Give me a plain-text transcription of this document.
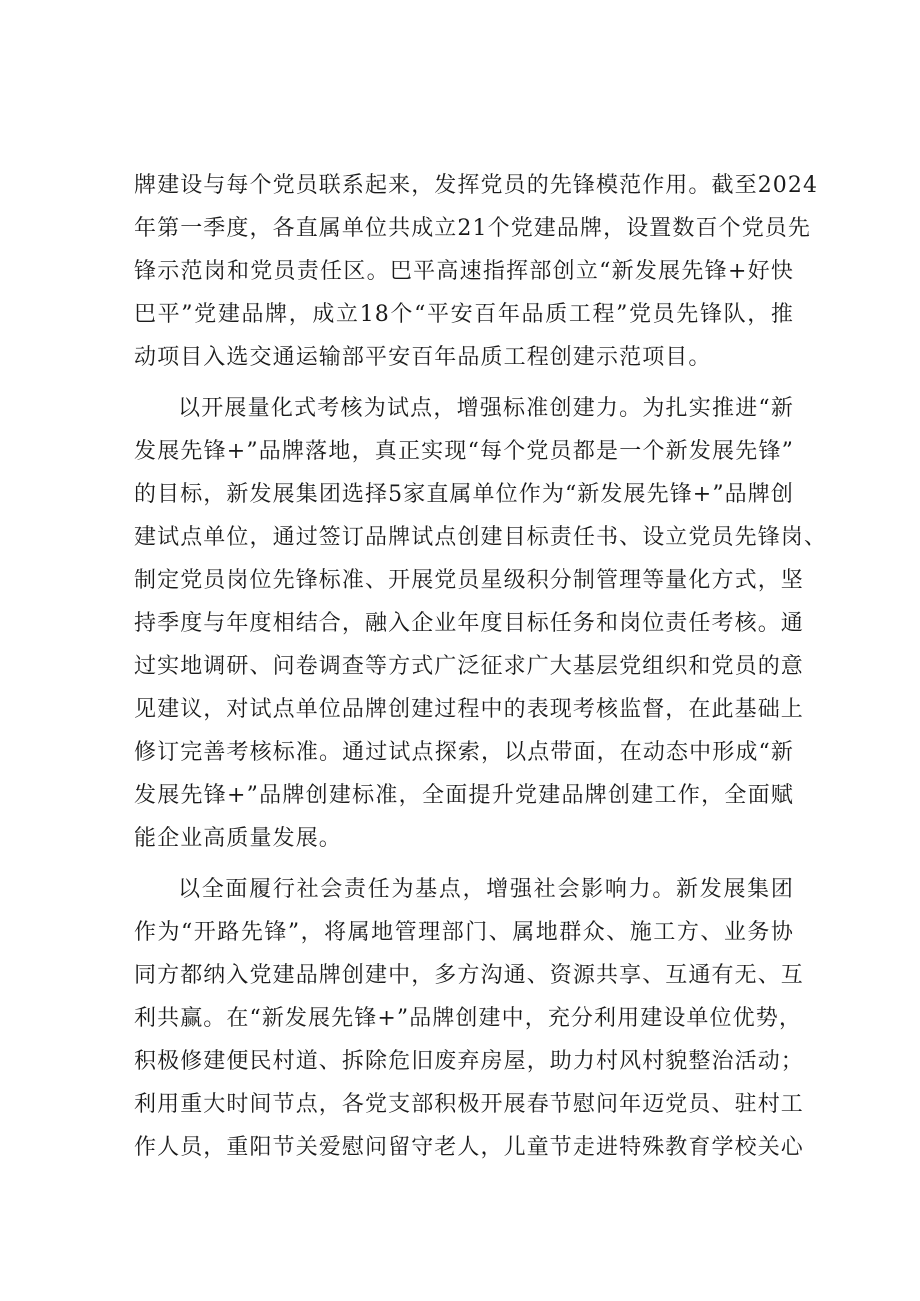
牌建设与每个党员联系起来，发挥党员的先锋模范作用。截至2024
年第一季度，各直属单位共成立21个党建品牌，设置数百个党员先
锋示范岗和党员责任区。巴平高速指挥部创立“新发展先锋+好快
巴平”党建品牌，成立18个“平安百年品质工程”党员先锋队，推
动项目入选交通运输部平安百年品质工程创建示范项目。
以开展量化式考核为试点，增强标准创建力。为扎实推进“新
发展先锋+”品牌落地，真正实现“每个党员都是一个新发展先锋”
的目标，新发展集团选择5家直属单位作为“新发展先锋+”品牌创
建试点单位，通过签订品牌试点创建目标责任书、设立党员先锋岗、
制定党员岗位先锋标准、开展党员星级积分制管理等量化方式，坚
持季度与年度相结合，融入企业年度目标任务和岗位责任考核。通
过实地调研、问卷调查等方式广泛征求广大基层党组织和党员的意
见建议，对试点单位品牌创建过程中的表现考核监督，在此基础上
修订完善考核标准。通过试点探索，以点带面，在动态中形成“新
发展先锋+”品牌创建标准，全面提升党建品牌创建工作，全面赋
能企业高质量发展。
以全面履行社会责任为基点，增强社会影响力。新发展集团
作为“开路先锋”，将属地管理部门、属地群众、施工方、业务协
同方都纳入党建品牌创建中，多方沟通、资源共享、互通有无、互
利共赢。在“新发展先锋+”品牌创建中，充分利用建设单位优势，
积极修建便民村道、拆除危旧废弃房屋，助力村风村貌整治活动；
利用重大时间节点，各党支部积极开展春节慰问年迈党员、驻村工
作人员，重阳节关爱慰问留守老人，儿童节走进特殊教育学校关心
